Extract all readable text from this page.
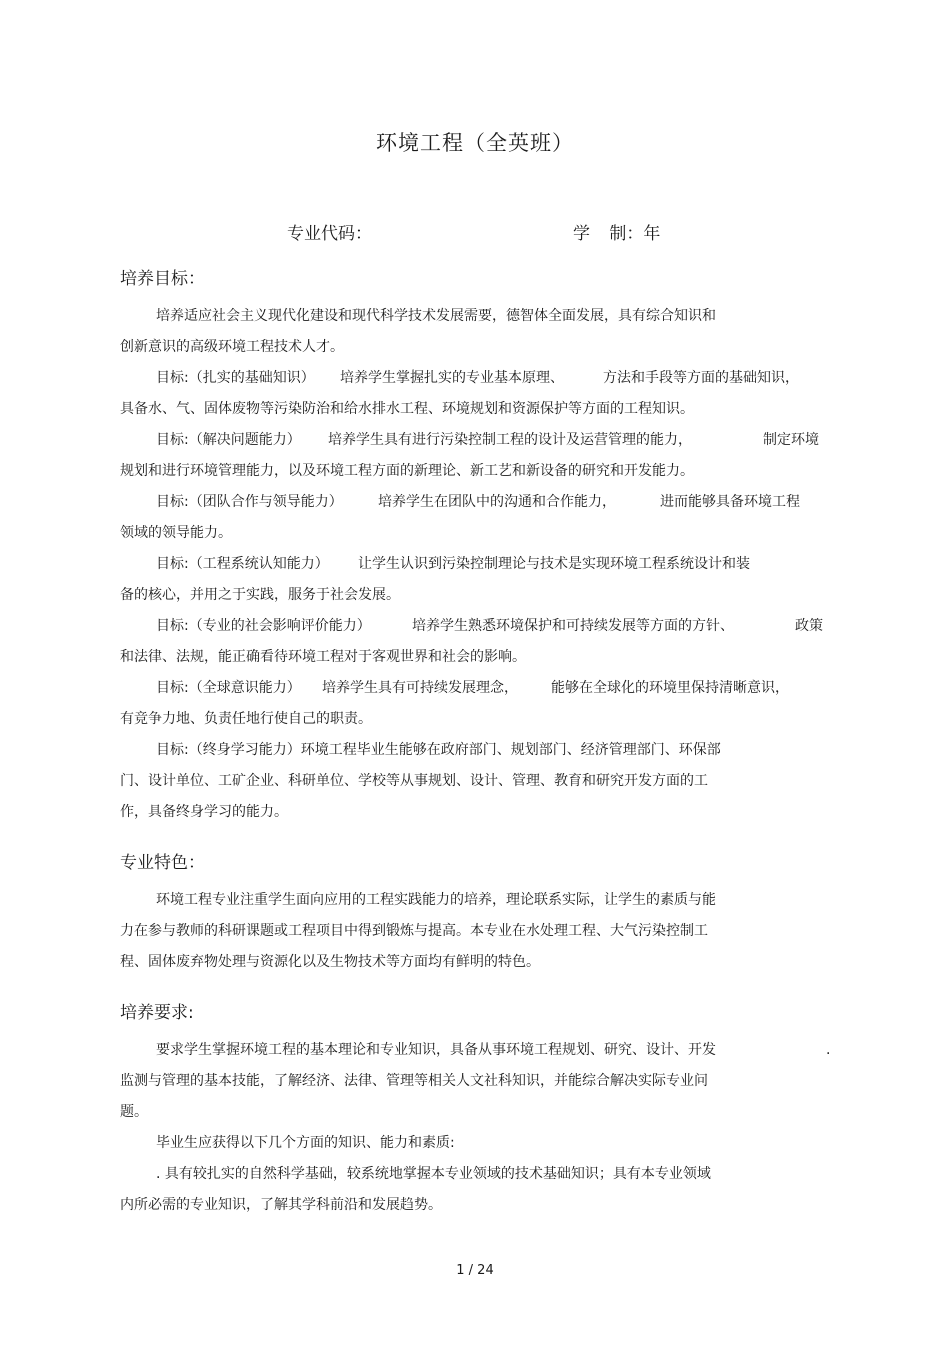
环境工程（全英班）
专业代码：	学 制：年
培养目标：
培养适应社会主义现代化建设和现代科学技术发展需要，德智体全面发展，具有综合知识和
创新意识的高级环境工程技术人才。
目标:（扎实的基础知识） 培养学生掌握扎实的专业基本原理、	方法和手段等方面的基础知识，
具备水、气、固体废物等污染防治和给水排水工程、环境规划和资源保护等方面的工程知识。
目标:（解决问题能力） 培养学生具有进行污染控制工程的设计及运营管理的能力，	制定环境
规划和进行环境管理能力，以及环境工程方面的新理论、新工艺和新设备的研究和开发能力。
目标:（团队合作与领导能力）	培养学生在团队中的沟通和合作能力，	进而能够具备环境工程
领域的领导能力。
目标:（工程系统认知能力） 让学生认识到污染控制理论与技术是实现环境工程系统设计和装
备的核心，并用之于实践，服务于社会发展。
目标:（专业的社会影响评价能力）	培养学生熟悉环境保护和可持续发展等方面的方针、	政策
和法律、法规，能正确看待环境工程对于客观世界和社会的影响。
目标:（全球意识能力） 培养学生具有可持续发展理念， 能够在全球化的环境里保持清晰意识，
有竞争力地、负责任地行使自己的职责。
目标:（终身学习能力）环境工程毕业生能够在政府部门、规划部门、经济管理部门、环保部
门、设计单位、工矿企业、科研单位、学校等从事规划、设计、管理、教育和研究开发方面的工
作，具备终身学习的能力。
专业特色：
环境工程专业注重学生面向应用的工程实践能力的培养，理论联系实际，让学生的素质与能
力在参与教师的科研课题或工程项目中得到锻炼与提高。本专业在水处理工程、大气污染控制工
程、固体废弃物处理与资源化以及生物技术等方面均有鲜明的特色。
培养要求:
要求学生掌握环境工程的基本理论和专业知识，具备从事环境工程规划、研究、设计、开发	.
监测与管理的基本技能，了解经济、法律、管理等相关人文社科知识，并能综合解决实际专业问
题。
毕业生应获得以下几个方面的知识、能力和素质:
. 具有较扎实的自然科学基础，较系统地掌握本专业领域的技术基础知识；具有本专业领域
内所必需的专业知识，了解其学科前沿和发展趋势。
1 / 24
